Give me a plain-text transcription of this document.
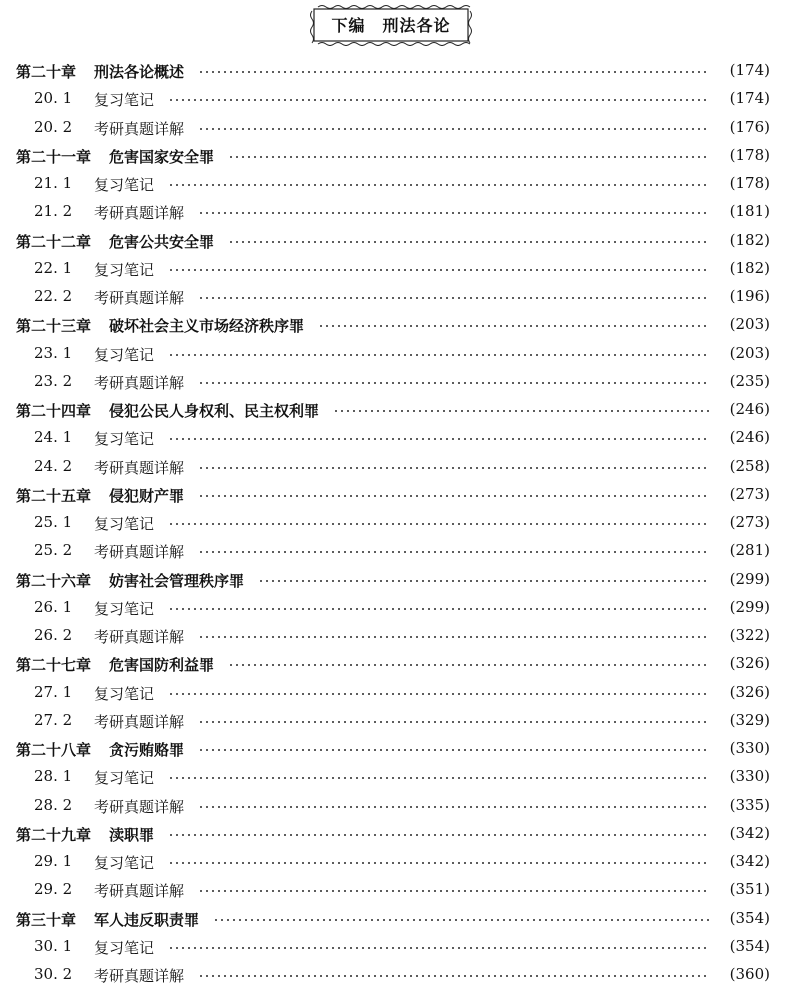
下编　刑法各论
第二十章 刑法各论概述	(174)
20. 1 复习笔记	(174)
20. 2 考研真题详解	(176)
第二十一章 危害国家安全罪	(178)
21. 1 复习笔记	(178)
21. 2 考研真题详解	(181)
第二十二章 危害公共安全罪	(182)
22. 1 复习笔记	(182)
22. 2 考研真题详解	(196)
第二十三章 破坏社会主义市场经济秩序罪	(203)
23. 1 复习笔记	(203)
23. 2 考研真题详解	(235)
第二十四章 侵犯公民人身权利、民主权利罪	(246)
24. 1 复习笔记	(246)
24. 2 考研真题详解	(258)
第二十五章 侵犯财产罪	(273)
25. 1 复习笔记	(273)
25. 2 考研真题详解	(281)
第二十六章 妨害社会管理秩序罪	(299)
26. 1 复习笔记	(299)
26. 2 考研真题详解	(322)
第二十七章 危害国防利益罪	(326)
27. 1 复习笔记	(326)
27. 2 考研真题详解	(329)
第二十八章 贪污贿赂罪	(330)
28. 1 复习笔记	(330)
28. 2 考研真题详解	(335)
第二十九章 渎职罪	(342)
29. 1 复习笔记	(342)
29. 2 考研真题详解	(351)
第三十章 军人违反职责罪	(354)
30. 1 复习笔记	(354)
30. 2 考研真题详解	(360)
